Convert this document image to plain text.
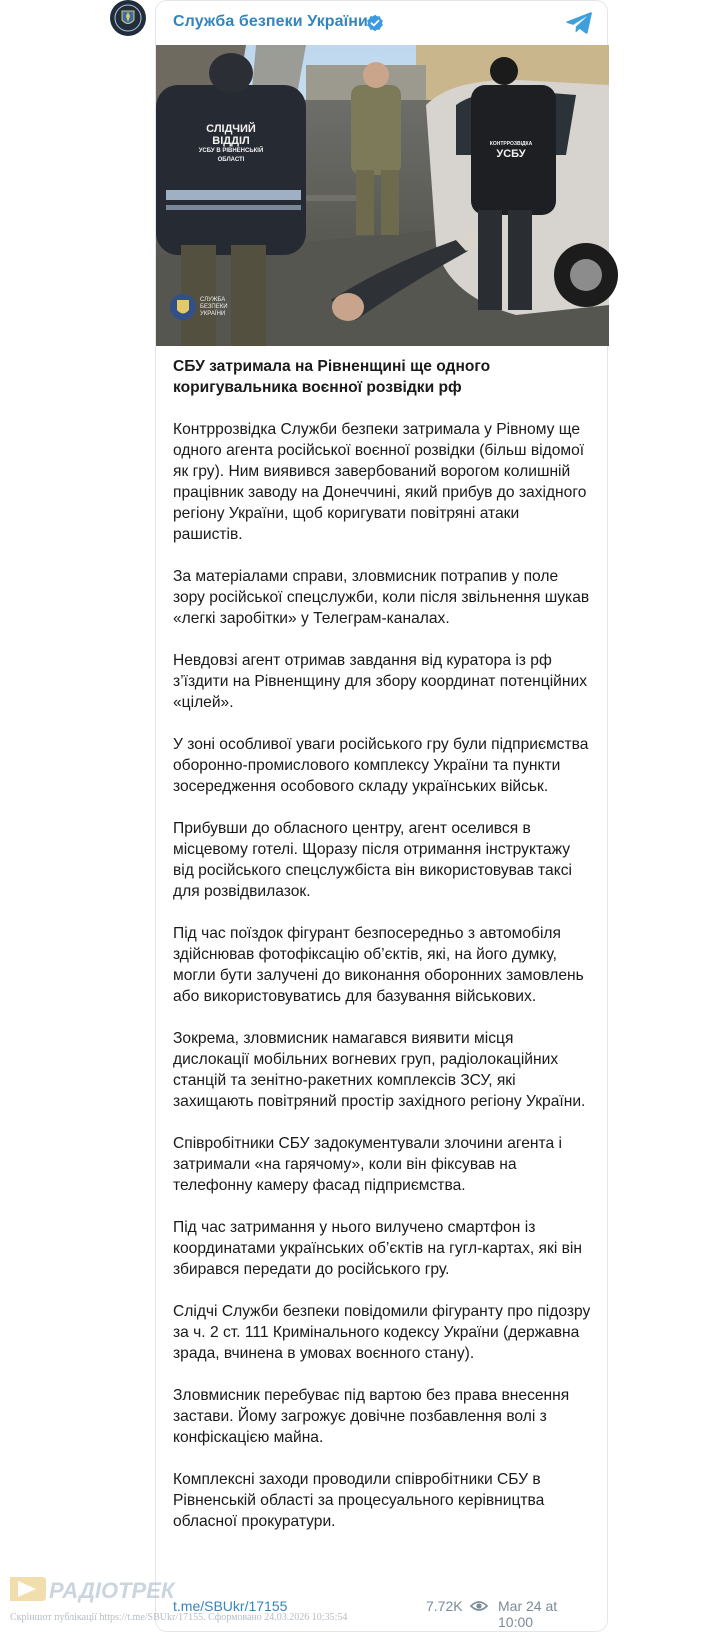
Служба безпеки України
СЛІДЧИЙ
ВІДДІЛ
УСБУ В РІВНЕНСЬКІЙ
ОБЛАСТІ
КОНТРРОЗВІДКА
УСБУ
СЛУЖБА
БЕЗПЕКИ
УКРАЇНИ

СБУ затримала на Рівненщині ще одного коригувальника воєнної розвідки рф

Контррозвідка Служби безпеки затримала у Рівному ще одного агента російської воєнної розвідки (більш відомої як гру). Ним виявився завербований ворогом колишній працівник заводу на Донеччині, який прибув до західного регіону України, щоб коригувати повітряні атаки рашистів.

За матеріалами справи, зловмисник потрапив у поле зору російської спецслужби, коли після звільнення шукав «легкі заробітки» у Телеграм-каналах.

Невдовзі агент отримав завдання від куратора із рф з’їздити на Рівненщину для збору координат потенційних «цілей».

У зоні особливої уваги російського гру були підприємства оборонно-промислового комплексу України та пункти зосередження особового складу українських військ.

Прибувши до обласного центру, агент оселився в місцевому готелі. Щоразу після отримання інструктажу від російського спецслужбіста він використовував таксі для розвідвилазок.

Під час поїздок фігурант безпосередньо з автомобіля здійснював фотофіксацію об’єктів, які, на його думку, могли бути залучені до виконання оборонних замовлень або використовуватись для базування військових.

Зокрема, зловмисник намагався виявити місця дислокації мобільних вогневих груп, радіолокаційних станцій та зенітно-ракетних комплексів ЗСУ, які захищають повітряний простір західного регіону України.

Співробітники СБУ задокументували злочини агента і затримали «на гарячому», коли він фіксував на телефонну камеру фасад підприємства.

Під час затримання у нього вилучено смартфон із координатами українських об’єктів на гугл-картах, які він збирався передати до російського гру.

Слідчі Служби безпеки повідомили фігуранту про підозру за ч. 2 ст. 111 Кримінального кодексу України (державна зрада, вчинена в умовах воєнного стану).

Зловмисник перебуває під вартою без права внесення застави. Йому загрожує довічне позбавлення волі з конфіскацією майна.

Комплексні заходи проводили співробітники СБУ в Рівненській області за процесуального керівництва обласної прокуратури.

t.me/SBUkr/17155	7.72K	Mar 24 at 10:00
РАДІОТРЕК
Скріншот публікації https://t.me/SBUkr/17155. Сформовано 24.03.2026 10:35:54
